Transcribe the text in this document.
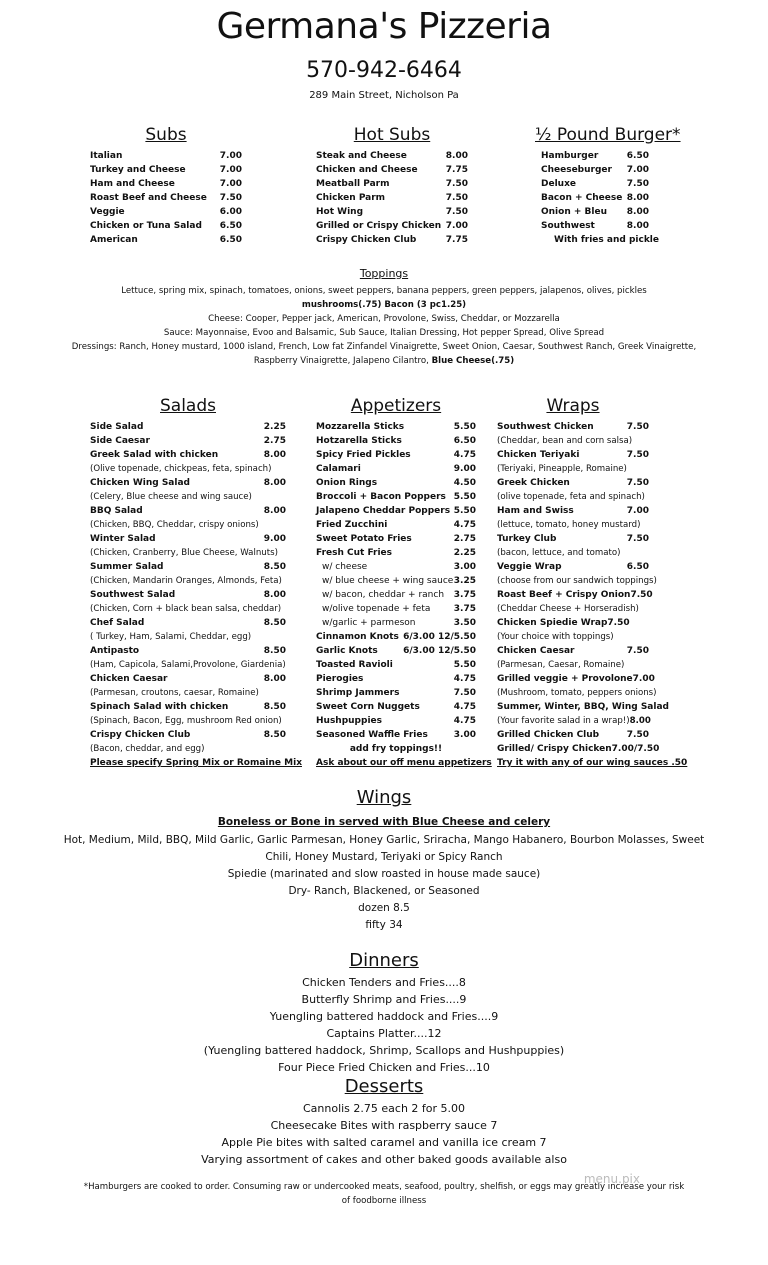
Germana's Pizzeria
570-942-6464
289 Main Street, Nicholson Pa
Subs
Italian	7.00
Turkey and Cheese	7.00
Ham and Cheese	7.00
Roast Beef and Cheese 7.50
Veggie	6.00
Chicken or Tuna Salad 6.50
American	6.50
Hot Subs
Steak and Cheese	8.00
Chicken and Cheese	7.75
Meatball Parm	7.50
Chicken Parm	7.50
Hot Wing	7.50
Grilled or Crispy Chicken 7.00
Crispy Chicken Club	7.75
½ Pound Burger*
Hamburger	6.50
Cheeseburger 7.00
Deluxe	7.50
Bacon + Cheese 8.00
Onion + Bleu 8.00
Southwest	8.00
With fries and pickle
Toppings
Lettuce, spring mix, spinach, tomatoes, onions, sweet peppers, banana peppers, green peppers, jalapenos, olives, pickles
mushrooms(.75) Bacon (3 pc1.25)
Cheese: Cooper, Pepper jack, American, Provolone, Swiss, Cheddar, or Mozzarella
Sauce: Mayonnaise, Evoo and Balsamic, Sub Sauce, Italian Dressing, Hot pepper Spread, Olive Spread
Dressings: Ranch, Honey mustard, 1000 island, French, Low fat Zinfandel Vinaigrette, Sweet Onion, Caesar, Southwest Ranch, Greek Vinaigrette,
Raspberry Vinaigrette, Jalapeno Cilantro, Blue Cheese(.75)
Salads
Side Salad	2.25
Side Caesar	2.75
Greek Salad with chicken	8.00
(Olive topenade, chickpeas, feta, spinach)
Chicken Wing Salad	8.00
(Celery, Blue cheese and wing sauce)
BBQ Salad	8.00
(Chicken, BBQ, Cheddar, crispy onions)
Winter Salad	9.00
(Chicken, Cranberry, Blue Cheese, Walnuts)
Summer Salad	8.50
(Chicken, Mandarin Oranges, Almonds, Feta)
Southwest Salad	8.00
(Chicken, Corn + black bean salsa, cheddar)
Chef Salad	8.50
( Turkey, Ham, Salami, Cheddar, egg)
Antipasto	8.50
(Ham, Capicola, Salami,Provolone, Giardenia)
Chicken Caesar	8.00
(Parmesan, croutons, caesar, Romaine)
Spinach Salad with chicken	8.50
(Spinach, Bacon, Egg, mushroom Red onion)
Crispy Chicken Club	8.50
(Bacon, cheddar, and egg)
Please specify Spring Mix or Romaine Mix
Appetizers
Mozzarella Sticks	5.50
Hotzarella Sticks	6.50
Spicy Fried Pickles	4.75
Calamari	9.00
Onion Rings	4.50
Broccoli + Bacon Poppers 5.50
Jalapeno Cheddar Poppers 5.50
Fried Zucchini	4.75
Sweet Potato Fries	2.75
Fresh Cut Fries	2.25
w/ cheese	3.00
w/ blue cheese + wing sauce 3.25
w/ bacon, cheddar + ranch 3.75
w/olive topenade + feta	3.75
w/garlic + parmeson	3.50
Cinnamon Knots 6/3.00 12/5.50
Garlic Knots	6/3.00 12/5.50
Toasted Ravioli	5.50
Pierogies	4.75
Shrimp Jammers	7.50
Sweet Corn Nuggets	4.75
Hushpuppies	4.75
Seasoned Waffle Fries	3.00
add fry toppings!!
Ask about our off menu appetizers
Wraps
Southwest Chicken	7.50
(Cheddar, bean and corn salsa)
Chicken Teriyaki	7.50
(Teriyaki, Pineapple, Romaine)
Greek Chicken	7.50
(olive topenade, feta and spinach)
Ham and Swiss	7.00
(lettuce, tomato, honey mustard)
Turkey Club	7.50
(bacon, lettuce, and tomato)
Veggie Wrap	6.50
(choose from our sandwich toppings)
Roast Beef + Crispy Onion 7.50
(Cheddar Cheese + Horseradish)
Chicken Spiedie Wrap7.50
(Your choice with toppings)
Chicken Caesar	7.50
(Parmesan, Caesar, Romaine)
Grilled veggie + Provolone 7.00
(Mushroom, tomato, peppers onions)
Summer, Winter, BBQ, Wing Salad
(Your favorite salad in a wrap!) 8.00
Grilled Chicken Club	7.50
Grilled/ Crispy Chicken 7.00/7.50
Try it with any of our wing sauces .50
Wings
Boneless or Bone in served with Blue Cheese and celery
Hot, Medium, Mild, BBQ, Mild Garlic, Garlic Parmesan, Honey Garlic, Sriracha, Mango Habanero, Bourbon Molasses, Sweet
Chili, Honey Mustard, Teriyaki or Spicy Ranch
Spiedie (marinated and slow roasted in house made sauce)
Dry- Ranch, Blackened, or Seasoned
dozen 8.5
fifty 34
Dinners
Chicken Tenders and Fries....8
Butterfly Shrimp and Fries....9
Yuengling battered haddock and Fries....9
Captains Platter....12
(Yuengling battered haddock, Shrimp, Scallops and Hushpuppies)
Four Piece Fried Chicken and Fries...10
Desserts
Cannolis 2.75 each 2 for 5.00
Cheesecake Bites with raspberry sauce 7
Apple Pie bites with salted caramel and vanilla ice cream 7
Varying assortment of cakes and other baked goods available also
*Hamburgers are cooked to order. Consuming raw or undercooked meats, seafood, poultry, shelfish, or eggs may greatly increase your risk
of foodborne illness
menu.pix
